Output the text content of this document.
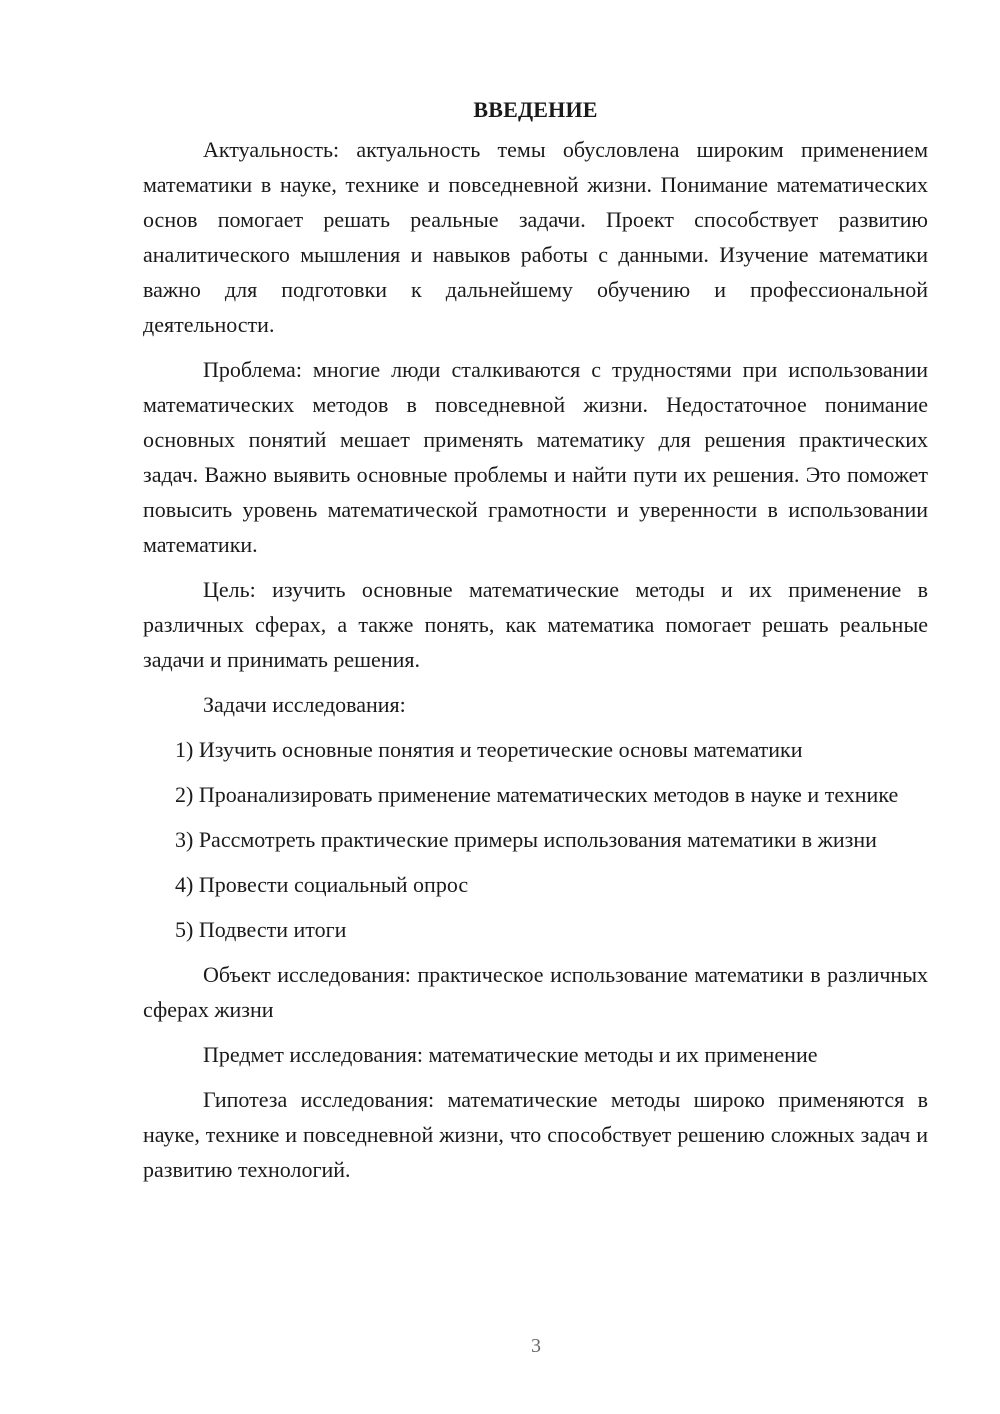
ВВЕДЕНИЕ

Актуальность: актуальность темы обусловлена широким применением математики в науке, технике и повседневной жизни. Понимание математических основ помогает решать реальные задачи. Проект способствует развитию аналитического мышления и навыков работы с данными. Изучение математики важно для подготовки к дальнейшему обучению и профессиональной деятельности.

Проблема: многие люди сталкиваются с трудностями при использовании математических методов в повседневной жизни. Недостаточное понимание основных понятий мешает применять математику для решения практических задач. Важно выявить основные проблемы и найти пути их решения. Это поможет повысить уровень математической грамотности и уверенности в использовании математики.

Цель: изучить основные математические методы и их применение в различных сферах, а также понять, как математика помогает решать реальные задачи и принимать решения.

Задачи исследования:

1) Изучить основные понятия и теоретические основы математики

2) Проанализировать применение математических методов в науке и технике

3) Рассмотреть практические примеры использования математики в жизни

4) Провести социальный опрос

5) Подвести итоги

Объект исследования: практическое использование математики в различных сферах жизни

Предмет исследования: математические методы и их применение

Гипотеза исследования: математические методы широко применяются в науке, технике и повседневной жизни, что способствует решению сложных задач и развитию технологий.

3
